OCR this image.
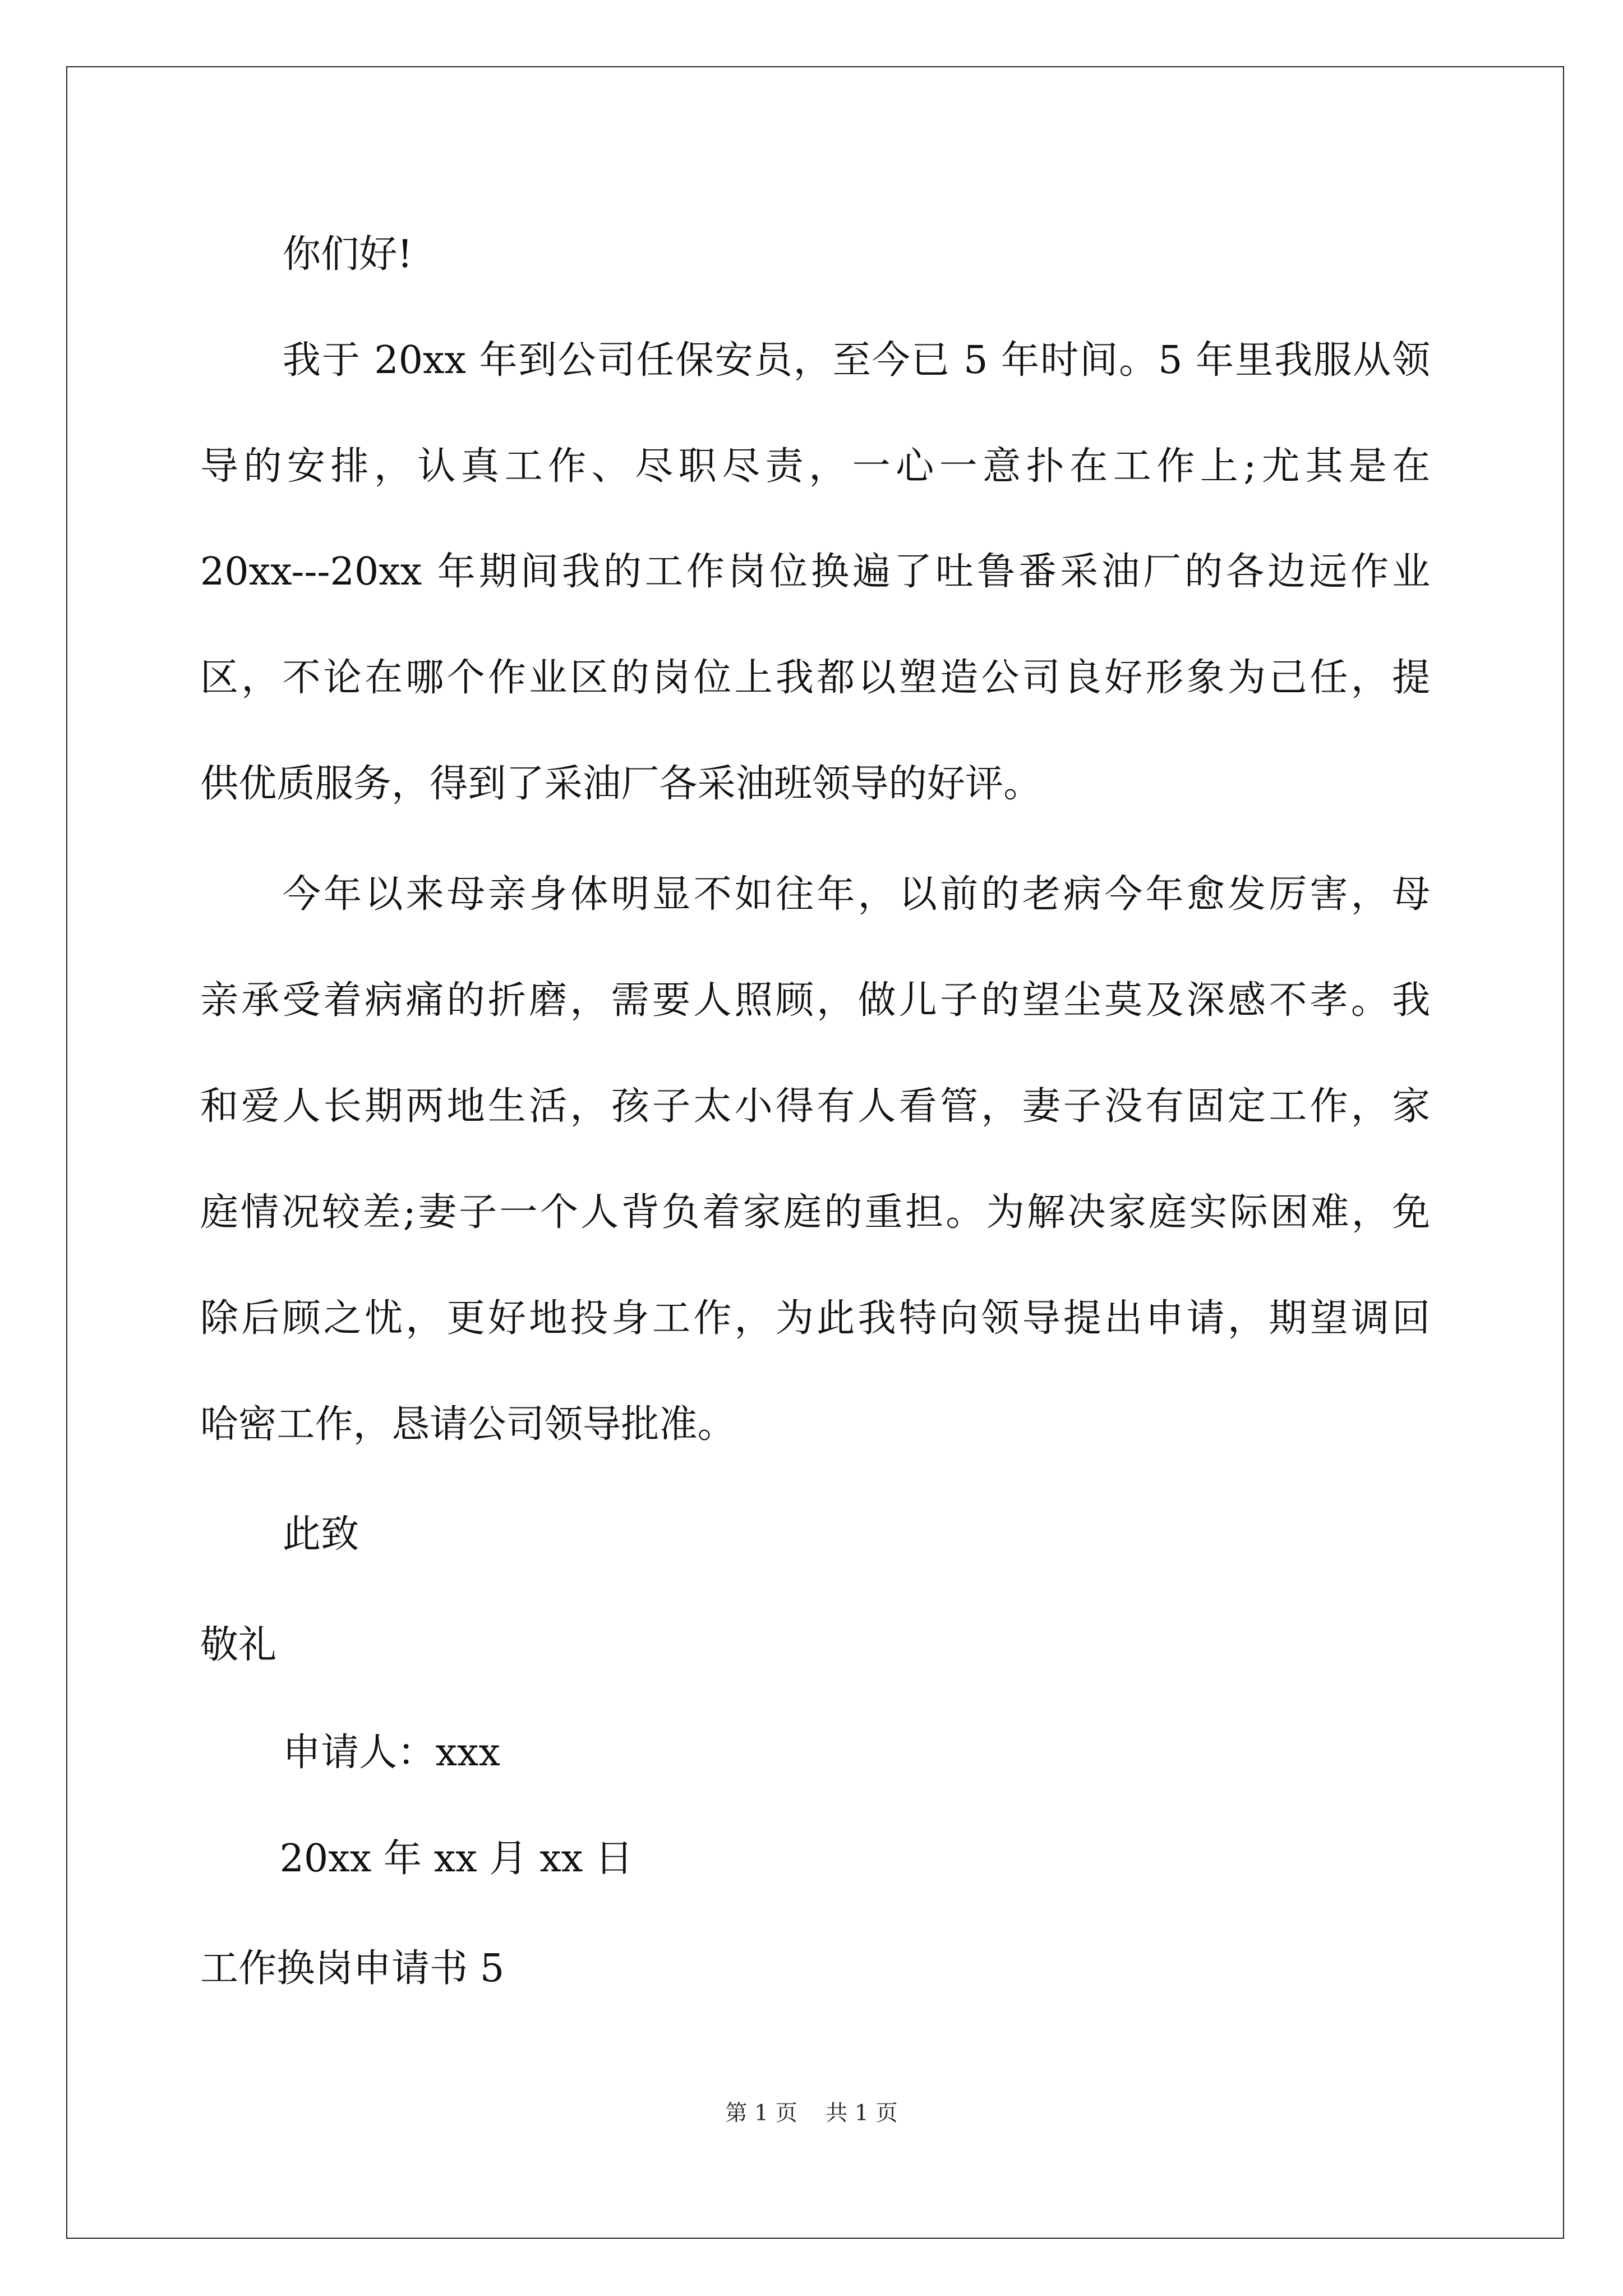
你们好!

我于 20xx 年到公司任保安员，至今已 5 年时间。5 年里我服从领

导的安排，认真工作、尽职尽责，一心一意扑在工作上;尤其是在

20xx---20xx 年期间我的工作岗位换遍了吐鲁番采油厂的各边远作业

区，不论在哪个作业区的岗位上我都以塑造公司良好形象为己任，提

供优质服务，得到了采油厂各采油班领导的好评。

今年以来母亲身体明显不如往年，以前的老病今年愈发厉害，母

亲承受着病痛的折磨，需要人照顾，做儿子的望尘莫及深感不孝。我

和爱人长期两地生活，孩子太小得有人看管，妻子没有固定工作，家

庭情况较差;妻子一个人背负着家庭的重担。为解决家庭实际困难，免

除后顾之忧，更好地投身工作，为此我特向领导提出申请，期望调回

哈密工作，恳请公司领导批准。

此致

敬礼

申请人：xxx

20xx 年 xx 月 xx 日

工作换岗申请书 5

第 1 页    共 1 页
